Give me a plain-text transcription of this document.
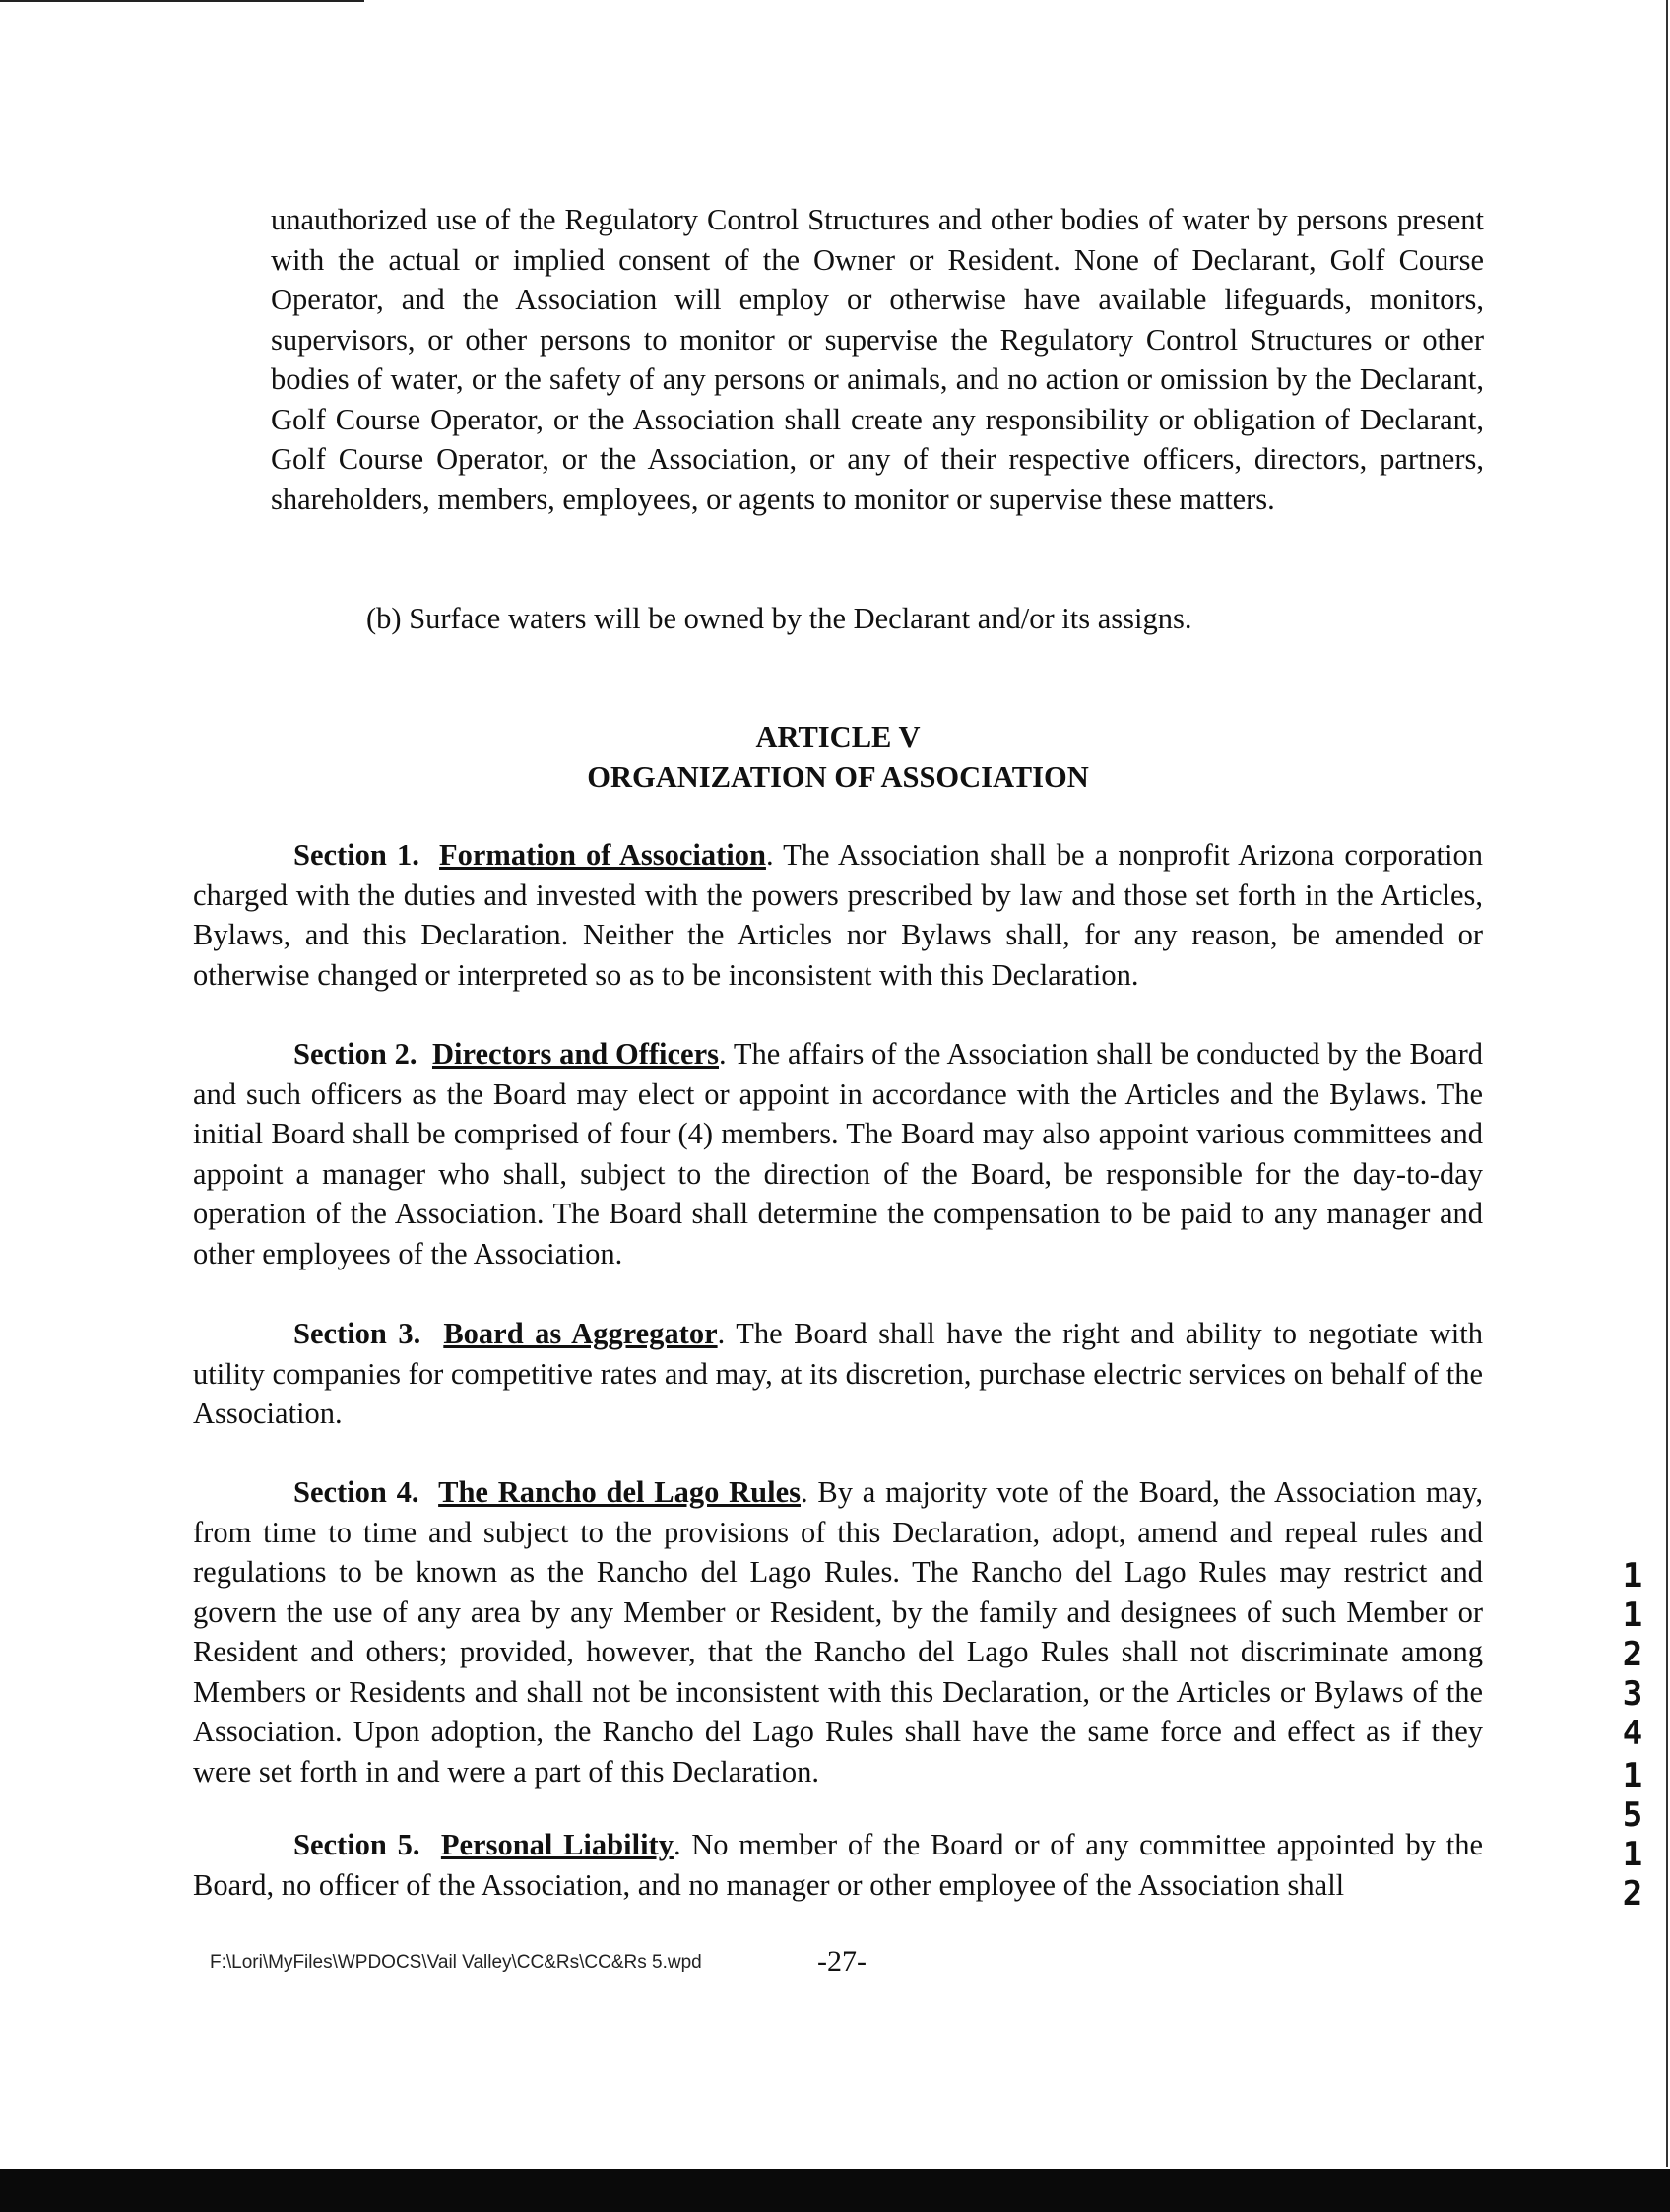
unauthorized use of the Regulatory Control Structures and other bodies of water by persons present with the actual or implied consent of the Owner or Resident. None of Declarant, Golf Course Operator, and the Association will employ or otherwise have available lifeguards, monitors, supervisors, or other persons to monitor or supervise the Regulatory Control Structures or other bodies of water, or the safety of any persons or animals, and no action or omission by the Declarant, Golf Course Operator, or the Association shall create any responsibility or obligation of Declarant, Golf Course Operator, or the Association, or any of their respective officers, directors, partners, shareholders, members, employees, or agents to monitor or supervise these matters.

(b) Surface waters will be owned by the Declarant and/or its assigns.

ARTICLE V
ORGANIZATION OF ASSOCIATION

Section 1. Formation of Association. The Association shall be a nonprofit Arizona corporation charged with the duties and invested with the powers prescribed by law and those set forth in the Articles, Bylaws, and this Declaration. Neither the Articles nor Bylaws shall, for any reason, be amended or otherwise changed or interpreted so as to be inconsistent with this Declaration.

Section 2. Directors and Officers. The affairs of the Association shall be conducted by the Board and such officers as the Board may elect or appoint in accordance with the Articles and the Bylaws. The initial Board shall be comprised of four (4) members. The Board may also appoint various committees and appoint a manager who shall, subject to the direction of the Board, be responsible for the day-to-day operation of the Association. The Board shall determine the compensation to be paid to any manager and other employees of the Association.

Section 3. Board as Aggregator. The Board shall have the right and ability to negotiate with utility companies for competitive rates and may, at its discretion, purchase electric services on behalf of the Association.

Section 4. The Rancho del Lago Rules. By a majority vote of the Board, the Association may, from time to time and subject to the provisions of this Declaration, adopt, amend and repeal rules and regulations to be known as the Rancho del Lago Rules. The Rancho del Lago Rules may restrict and govern the use of any area by any Member or Resident, by the family and designees of such Member or Resident and others; provided, however, that the Rancho del Lago Rules shall not discriminate among Members or Residents and shall not be inconsistent with this Declaration, or the Articles or Bylaws of the Association. Upon adoption, the Rancho del Lago Rules shall have the same force and effect as if they were set forth in and were a part of this Declaration.

Section 5. Personal Liability. No member of the Board or of any committee appointed by the Board, no officer of the Association, and no manager or other employee of the Association shall

1
1
2
3
4
1
5
1
2

F:\Lori\MyFiles\WPDOCS\Vail Valley\CC&Rs\CC&Rs 5.wpd	-27-
